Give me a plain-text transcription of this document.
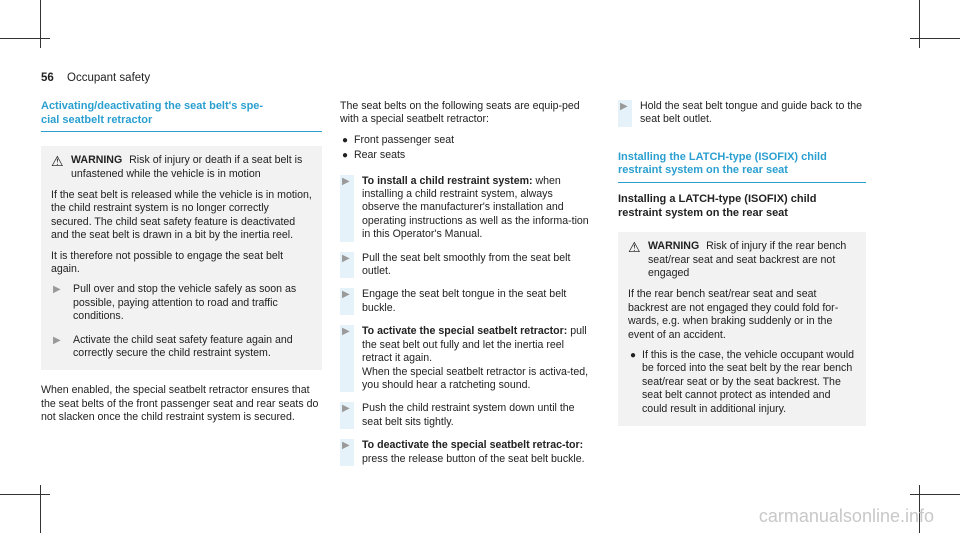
56 Occupant safety
Activating/deactivating the seat belt's spe-
cial seatbelt retractor
⚠ WARNING Risk of injury or death if a seat belt is unfastened while the vehicle is in motion

If the seat belt is released while the vehicle is in motion, the child restraint system is no longer correctly secured. The child seat safety feature is deactivated and the seat belt is drawn in a bit by the inertia reel.

It is therefore not possible to engage the seat belt again.

▶ Pull over and stop the vehicle safely as soon as possible, paying attention to road and traffic conditions.
▶ Activate the child seat safety feature again and correctly secure the child restraint system.

When enabled, the special seatbelt retractor ensures that the seat belts of the front passenger seat and rear seats do not slacken once the child restraint system is secured.

The seat belts on the following seats are equip-ped with a special seatbelt retractor:

● Front passenger seat
● Rear seats
▶ To install a child restraint system: when installing a child restraint system, always observe the manufacturer's installation and operating instructions as well as the informa-tion in this Operator's Manual.
▶ Pull the seat belt smoothly from the seat belt outlet.
▶ Engage the seat belt tongue in the seat belt buckle.
▶ To activate the special seatbelt retractor: pull the seat belt out fully and let the inertia reel retract it again.
When the special seatbelt retractor is activa-ted, you should hear a ratcheting sound.
▶ Push the child restraint system down until the seat belt sits tightly.
▶ To deactivate the special seatbelt retrac-tor: press the release button of the seat belt buckle.
▶ Hold the seat belt tongue and guide back to the seat belt outlet.
Installing the LATCH-type (ISOFIX) child
restraint system on the rear seat
Installing a LATCH-type (ISOFIX) child
restraint system on the rear seat
⚠ WARNING Risk of injury if the rear bench seat/rear seat and seat backrest are not engaged

If the rear bench seat/rear seat and seat backrest are not engaged they could fold for-wards, e.g. when braking suddenly or in the event of an accident.

● If this is the case, the vehicle occupant would be forced into the seat belt by the rear bench seat/rear seat or by the seat backrest. The seat belt cannot protect as intended and could result in additional injury.
carmanualsonline.info
